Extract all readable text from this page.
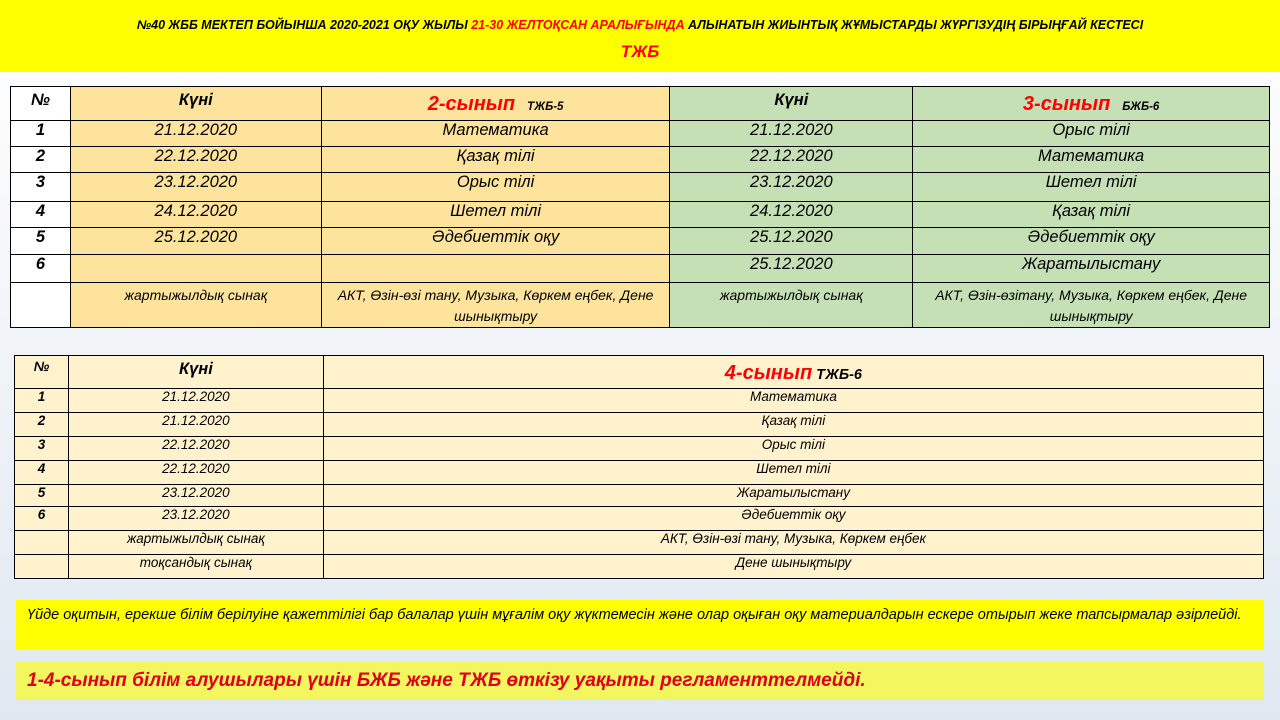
№40 ЖББ МЕКТЕП БОЙЫНША 2020-2021 ОҚУ ЖЫЛЫ 21-30 ЖЕЛТОҚСАН АРАЛЫҒЫНДА АЛЫНАТЫН ЖИЫНТЫҚ ЖҰМЫСТАРДЫ ЖҮРГІЗУДІҢ БІРЫҢҒАЙ КЕСТЕСІ
ТЖБ
№	Күні	2-сынып ТЖБ-5	Күні	3-сынып БЖБ-6

1	21.12.2020	Математика	21.12.2020	Орыс тілі
2	22.12.2020	Қазақ тілі	22.12.2020	Математика
3	23.12.2020	Орыс тілі	23.12.2020	Шетел тілі
4	24.12.2020	Шетел тілі	24.12.2020	Қазақ тілі
5	25.12.2020	Әдебиеттік оқу	25.12.2020	Әдебиеттік оқу
6			25.12.2020	Жаратылыстану
	жартыжылдық сынақ	АКТ, Өзін-өзі тану, Музыка, Көркем еңбек, Дене шынықтыру	жартыжылдық сынақ	АКТ, Өзін-өзітану, Музыка, Көркем еңбек, Дене шынықтыру
№	Күні	4-сынып ТЖБ-6

1	21.12.2020	Математика
2	21.12.2020	Қазақ тілі
3	22.12.2020	Орыс тілі
4	22.12.2020	Шетел тілі
5	23.12.2020	Жаратылыстану
6	23.12.2020	Әдебиеттік оқу
	жартыжылдық сынақ	АКТ, Өзін-өзі тану, Музыка, Көркем еңбек
	тоқсандық сынақ	Дене шынықтыру
Үйде оқитын, ерекше білім берілуіне қажеттілігі бар балалар үшін мұғалім оқу жүктемесін және олар оқыған оқу материалдарын ескере отырып жеке тапсырмалар әзірлейді.
1-4-сынып білім алушылары үшін БЖБ және ТЖБ өткізу уақыты регламенттелмейді.
